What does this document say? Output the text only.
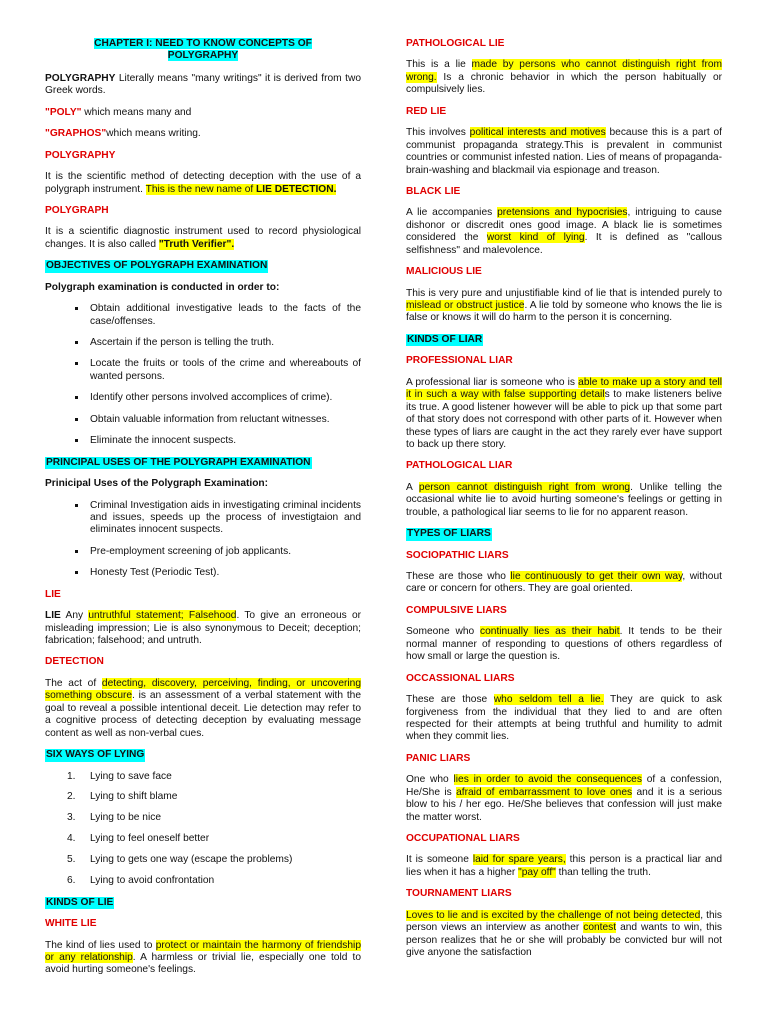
CHAPTER I: NEED TO KNOW CONCEPTS OF
POLYGRAPHY

POLYGRAPHY Literally means "many writings" it is derived from two Greek words.

"POLY" which means many and

"GRAPHOS"which means writing.

POLYGRAPHY

It is the scientific method of detecting deception with the use of a polygraph instrument. This is the new name of LIE DETECTION.

POLYGRAPH

It is a scientific diagnostic instrument used to record physiological changes. It is also called "Truth Verifier".

OBJECTIVES OF POLYGRAPH EXAMINATION

Polygraph examination is conducted in order to:

Obtain additional investigative leads to the facts of the case/offenses.
Ascertain if the person is telling the truth.
Locate the fruits or tools of the crime and whereabouts of wanted persons.
Identify other persons involved accomplices of crime).
Obtain valuable information from reluctant witnesses.
Eliminate the innocent suspects.
PRINCIPAL USES OF THE POLYGRAPH EXAMINATION

Prinicipal Uses of the Polygraph Examination:

Criminal Investigation aids in investigating criminal incidents and issues, speeds up the process of investigtaion and eliminates innocent suspects.
Pre-employment screening of job applicants.
Honesty Test (Periodic Test).
LIE

LIE Any untruthful statement; Falsehood. To give an erroneous or misleading impression; Lie is also synonymous to Deceit; deception; fabrication; falsehood; and untruth.

DETECTION

The act of detecting, discovery, perceiving, finding, or uncovering something obscure. is an assessment of a verbal statement with the goal to reveal a possible intentional deceit. Lie detection may refer to a cognitive process of detecting deception by evaluating message content as well as non-verbal cues.

SIX WAYS OF LYING
1.	Lying to save face
2.	Lying to shift blame
3.	Lying to be nice
4.	Lying to feel oneself better
5.	Lying to gets one way (escape the problems)
6.	Lying to avoid confrontation
KINDS OF LIE
WHITE LIE

The kind of lies used to protect or maintain the harmony of friendship or any relationship. A harmless or trivial lie, especially one told to avoid hurting someone's feelings.

PATHOLOGICAL LIE

This is a lie made by persons who cannot distinguish right from wrong. Is a chronic behavior in which the person habitually or compulsively lies.

RED LIE

This involves political interests and motives because this is a part of communist propaganda strategy.This is prevalent in communist countries or communist infested nation. Lies of means of propaganda-brain-washing and blackmail via espionage and treason.

BLACK LIE

A lie accompanies pretensions and hypocrisies, intriguing to cause dishonor or discredit ones good image. A black lie is sometimes considered the worst kind of lying. It is defined as "callous selfishness" and malevolence.

MALICIOUS LIE

This is very pure and unjustifiable kind of lie that is intended purely to mislead or obstruct justice. A lie told by someone who knows the lie is false or knows it will do harm to the person it is concerning.

KINDS OF LIAR
PROFESSIONAL LIAR

A professional liar is someone who is able to make up a story and tell it in such a way with false supporting details to make listeners belive its true. A good listener however will be able to pick up that some part of that story does not correspond with other parts of it. However when these types of liars are caught in the act they rarely ever have support to back up there story.

PATHOLOGICAL LIAR

A person cannot distinguish right from wrong. Unlike telling the occasional white lie to avoid hurting someone's feelings or getting in trouble, a pathological liar seems to lie for no apparent reason.

TYPES OF LIARS
SOCIOPATHIC LIARS

These are those who lie continuously to get their own way, without care or concern for others. They are goal oriented.

COMPULSIVE LIARS

Someone who continually lies as their habit. It tends to be their normal manner of responding to questions of others regardless of how small or large the question is.

OCCASSIONAL LIARS

These are those who seldom tell a lie. They are quick to ask forgiveness from the individual that they lied to and are often respected for their attempts at being truthful and humility to admit when they commit lies.

PANIC LIARS

One who lies in order to avoid the consequences of a confession, He/She is afraid of embarrassment to love ones and it is a serious blow to his / her ego. He/She believes that confession will just make the matter worst.

OCCUPATIONAL LIARS

It is someone laid for spare years, this person is a practical liar and lies when it has a higher "pay off" than telling the truth.

TOURNAMENT LIARS

Loves to lie and is excited by the challenge of not being detected, this person views an interview as another contest and wants to win, this person realizes that he or she will probably be convicted bur will not give anyone the satisfaction
